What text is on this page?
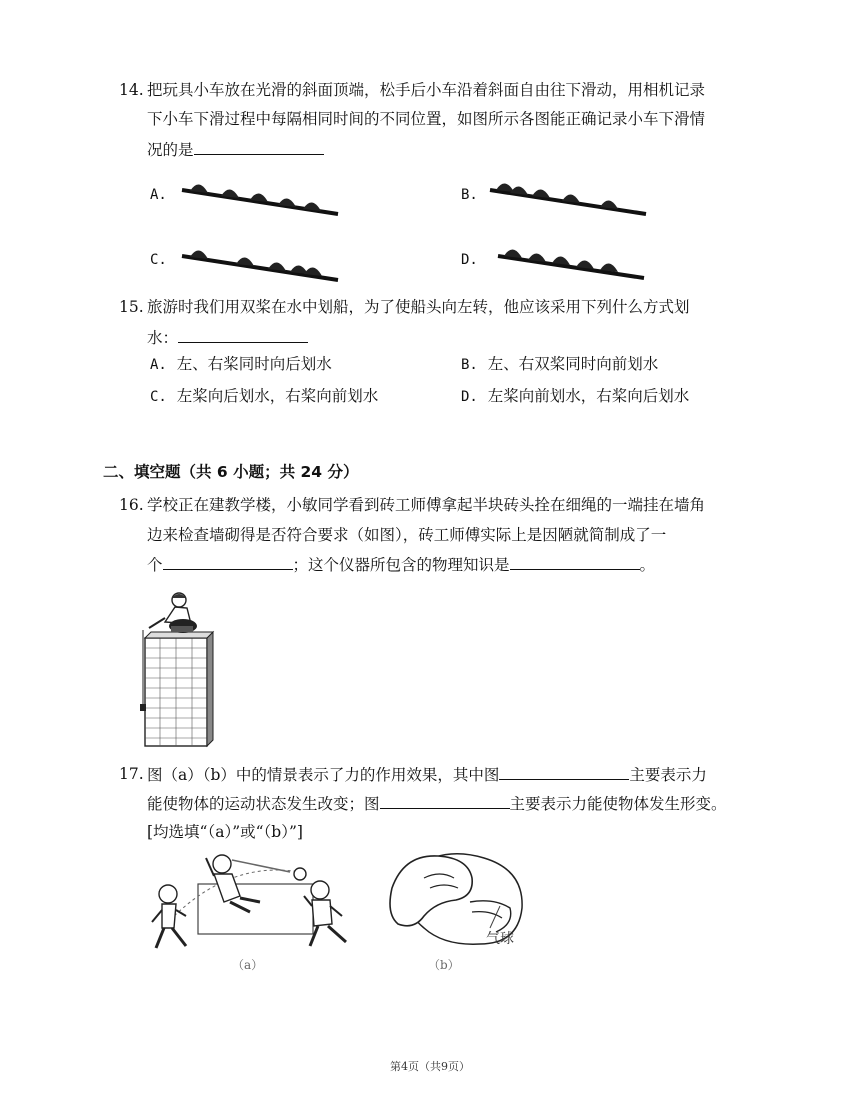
14. 把玩具小车放在光滑的斜面顶端，松手后小车沿着斜面自由往下滑动，用相机记录
下小车下滑过程中每隔相同时间的不同位置，如图所示各图能正确记录小车下滑情
况的是
A.	B.
C.	D.
15. 旅游时我们用双桨在水中划船，为了使船头向左转，他应该采用下列什么方式划
水：
A. 左、右桨同时向后划水	B. 左、右双桨同时向前划水
C. 左桨向后划水，右桨向前划水	D. 左桨向前划水，右桨向后划水
二、填空题（共 6 小题；共 24 分）
16. 学校正在建教学楼，小敏同学看到砖工师傅拿起半块砖头拴在细绳的一端挂在墙角
边来检查墙砌得是否符合要求（如图），砖工师傅实际上是因陋就简制成了一
个	；这个仪器所包含的物理知识是	。
17. 图（a）（b）中的情景表示了力的作用效果，其中图	主要表示力
能使物体的运动状态发生改变；图	主要表示力能使物体发生形变。
[均选填“（a）”或“（b）”]
（a）
气球
（b）
第4页（共9页）
